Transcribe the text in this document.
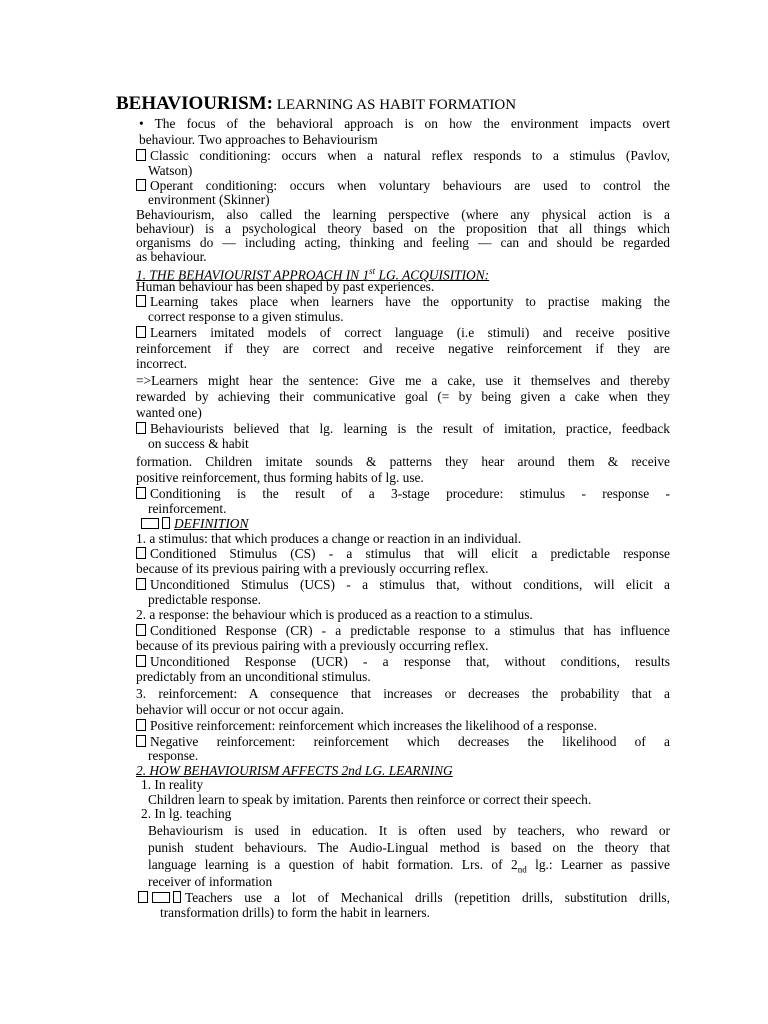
BEHAVIOURISM: LEARNING AS HABIT FORMATION
• The focus of the behavioral approach is on how the environment impacts overt
behaviour. Two approaches to Behaviourism
Classic conditioning: occurs when a natural reflex responds to a stimulus (Pavlov,
Watson)
Operant conditioning: occurs when voluntary behaviours are used to control the
environment (Skinner)
Behaviourism, also called the learning perspective (where any physical action is a
behaviour) is a psychological theory based on the proposition that all things which
organisms do — including acting, thinking and feeling — can and should be regarded
as behaviour.
1. THE BEHAVIOURIST APPROACH IN 1st LG. ACQUISITION:
Human behaviour has been shaped by past experiences.
Learning takes place when learners have the opportunity to practise making the
correct response to a given stimulus.
Learners imitated models of correct language (i.e stimuli) and receive positive
reinforcement if they are correct and receive negative reinforcement if they are
incorrect.
=>Learners might hear the sentence: Give me a cake, use it themselves and thereby
rewarded by achieving their communicative goal (= by being given a cake when they
wanted one)
Behaviourists believed that lg. learning is the result of imitation, practice, feedback
on success & habit
formation. Children imitate sounds & patterns they hear around them & receive
positive reinforcement, thus forming habits of lg. use.
Conditioning is the result of a 3-stage procedure: stimulus - response -
reinforcement.
DEFINITION
1. a stimulus: that which produces a change or reaction in an individual.
Conditioned Stimulus (CS) - a stimulus that will elicit a predictable response
because of its previous pairing with a previously occurring reflex.
Unconditioned Stimulus (UCS) - a stimulus that, without conditions, will elicit a
predictable response.
2. a response: the behaviour which is produced as a reaction to a stimulus.
Conditioned Response (CR) - a predictable response to a stimulus that has influence
because of its previous pairing with a previously occurring reflex.
Unconditioned Response (UCR) - a response that, without conditions, results
predictably from an unconditional stimulus.
3. reinforcement: A consequence that increases or decreases the probability that a
behavior will occur or not occur again.
Positive reinforcement: reinforcement which increases the likelihood of a response.
Negative reinforcement: reinforcement which decreases the likelihood of a
response.
2. HOW BEHAVIOURISM AFFECTS 2nd LG. LEARNING
1. In reality
Children learn to speak by imitation. Parents then reinforce or correct their speech.
2. In lg. teaching
Behaviourism is used in education. It is often used by teachers, who reward or
punish student behaviours. The Audio-Lingual method is based on the theory that
language learning is a question of habit formation. Lrs. of $2_{nd}$ lg.: Learner as passive
receiver of information
Teachers use a lot of Mechanical drills (repetition drills, substitution drills,
transformation drills) to form the habit in learners.
